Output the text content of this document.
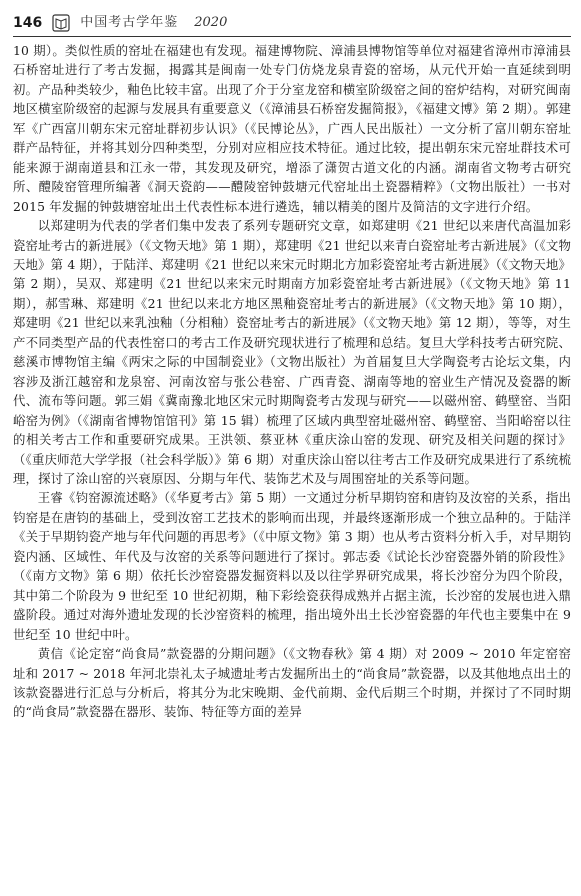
146	中国考古学年鉴 2020

10 期）。类似性质的窑址在福建也有发现。福建博物院、漳浦县博物馆等单位对福建省漳州市漳浦县石桥窑址进行了考古发掘，揭露其是闽南一处专门仿烧龙泉青瓷的窑场，从元代开始一直延续到明初。产品种类较少，釉色比较丰富。出现了介于分室龙窑和横室阶级窑之间的窑炉结构，对研究闽南地区横室阶级窑的起源与发展具有重要意义（《漳浦县石桥窑发掘简报》，《福建文博》第 2 期）。郭建军《广西富川朝东宋元窑址群初步认识》（《民博论丛》，广西人民出版社）一文分析了富川朝东窑址群产品特征，并将其划分四种类型，分别对应相应技术特征。通过比较，提出朝东宋元窑址群技术可能来源于湖南道县和江永一带，其发现及研究，增添了潇贺古道文化的内涵。湖南省文物考古研究所、醴陵窑管理所编著《洞天瓷韵——醴陵窑钟鼓塘元代窑址出土瓷器精粹》（文物出版社）一书对 2015 年发掘的钟鼓塘窑址出土代表性标本进行遴选，辅以精美的图片及简洁的文字进行介绍。

以郑建明为代表的学者们集中发表了系列专题研究文章，如郑建明《21 世纪以来唐代高温加彩瓷窑址考古的新进展》（《文物天地》第 1 期），郑建明《21 世纪以来青白瓷窑址考古新进展》（《文物天地》第 4 期），于陆洋、郑建明《21 世纪以来宋元时期北方加彩瓷窑址考古新进展》（《文物天地》第 2 期），吴双、郑建明《21 世纪以来宋元时期南方加彩瓷窑址考古新进展》（《文物天地》第 11 期），郝雪琳、郑建明《21 世纪以来北方地区黑釉瓷窑址考古的新进展》（《文物天地》第 10 期），郑建明《21 世纪以来乳浊釉（分相釉）瓷窑址考古的新进展》（《文物天地》第 12 期），等等，对生产不同类型产品的代表性窑口的考古工作及研究现状进行了梳理和总结。复旦大学科技考古研究院、慈溪市博物馆主编《两宋之际的中国制瓷业》（文物出版社）为首届复旦大学陶瓷考古论坛文集，内容涉及浙江越窑和龙泉窑、河南汝窑与张公巷窑、广西青瓷、湖南等地的窑业生产情况及瓷器的断代、流布等问题。郭三娟《冀南豫北地区宋元时期陶瓷考古发现与研究——以磁州窑、鹤壁窑、当阳峪窑为例》（《湖南省博物馆馆刊》第 15 辑）梳理了区域内典型窑址磁州窑、鹤壁窑、当阳峪窑以往的相关考古工作和重要研究成果。王洪领、蔡亚林《重庆涂山窑的发现、研究及相关问题的探讨》（《重庆师范大学学报（社会科学版）》第 6 期）对重庆涂山窑以往考古工作及研究成果进行了系统梳理，探讨了涂山窑的兴衰原因、分期与年代、装饰艺术及与周围窑址的关系等问题。

王睿《钧窑源流述略》（《华夏考古》第 5 期）一文通过分析早期钧窑和唐钧及汝窑的关系，指出钧窑是在唐钧的基础上，受到汝窑工艺技术的影响而出现，并最终逐渐形成一个独立品种的。于陆洋《关于早期钧瓷产地与年代问题的再思考》（《中原文物》第 3 期）也从考古资料分析入手，对早期钧瓷内涵、区域性、年代及与汝窑的关系等问题进行了探讨。郭志委《试论长沙窑瓷器外销的阶段性》（《南方文物》第 6 期）依托长沙窑瓷器发掘资料以及以往学界研究成果，将长沙窑分为四个阶段，其中第二个阶段为 9 世纪至 10 世纪初期，釉下彩绘瓷获得成熟并占据主流，长沙窑的发展也进入鼎盛阶段。通过对海外遗址发现的长沙窑资料的梳理，指出境外出土长沙窑瓷器的年代也主要集中在 9 世纪至 10 世纪中叶。

黄信《论定窑“尚食局”款瓷器的分期问题》（《文物春秋》第 4 期）对 2009 ~ 2010 年定窑窑址和 2017 ~ 2018 年河北崇礼太子城遗址考古发掘所出土的“尚食局”款瓷器，以及其他地点出土的该款瓷器进行汇总与分析后，将其分为北宋晚期、金代前期、金代后期三个时期，并探讨了不同时期的“尚食局”款瓷器在器形、装饰、特征等方面的差异
